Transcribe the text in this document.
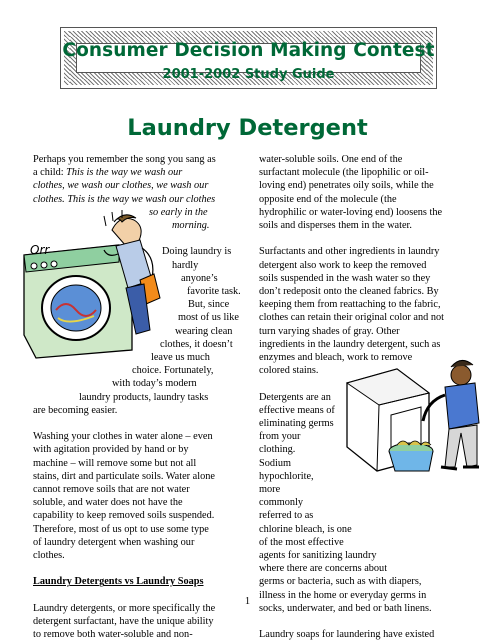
Consumer Decision Making Contest
2001-2002 Study Guide
Laundry Detergent

Perhaps you remember the song you sang as

a child: This is the way we wash our

clothes, we wash our clothes, we wash our

clothes. This is the way we wash our clothes

so early in the

morning.

Doing laundry is

hardly

anyone’s

favorite task.

But, since

most of us like

wearing clean

clothes, it doesn’t

leave us much

choice. Fortunately,

with today’s modern

laundry products, laundry tasks

are becoming easier.

Washing your clothes in water alone – even

with agitation provided by hand or by

machine – will remove some but not all

stains, dirt and particulate soils. Water alone

cannot remove soils that are not water

soluble, and water does not have the

capability to keep removed soils suspended.

Therefore, most of us opt to use some type

of laundry detergent when washing our

clothes.

Laundry Detergents vs Laundry Soaps

Laundry detergents, or more specifically the

detergent surfactant, have the unique ability

to remove both water-soluble and non-

water-soluble soils. One end of the

surfactant molecule (the lipophilic or oil-

loving end) penetrates oily soils, while the

opposite end of the molecule (the

hydrophilic or water-loving end) loosens the

soils and disperses them in the water.

Surfactants and other ingredients in laundry

detergent also work to keep the removed

soils suspended in the wash water so they

don’t redeposit onto the cleaned fabrics. By

keeping them from reattaching to the fabric,

clothes can retain their original color and not

turn varying shades of gray. Other

ingredients in the laundry detergent, such as

enzymes and bleach, work to remove

colored stains.

Detergents are an

effective means of

eliminating germs

from your

clothing.

Sodium

hypochlorite,

more

commonly

referred to as

chlorine bleach, is one

of the most effective

agents for sanitizing laundry

where there are concerns about

germs or bacteria, such as with diapers,

illness in the home or everyday germs in

socks, underwater, and bed or bath linens.

Laundry soaps for laundering have existed

Orr
1
